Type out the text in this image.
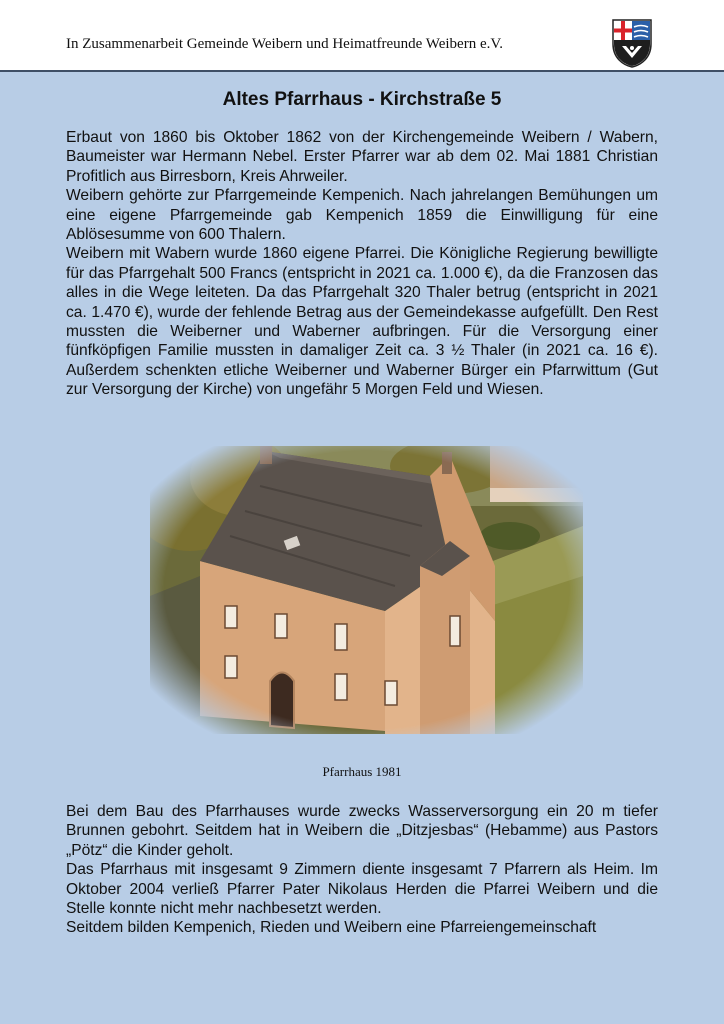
In Zusammenarbeit Gemeinde Weibern und Heimatfreunde Weibern e.V.
Altes Pfarrhaus - Kirchstraße 5

Erbaut von 1860 bis Oktober 1862 von der Kirchengemeinde Weibern / Wabern, Baumeister war Hermann Nebel. Erster Pfarrer war ab dem 02. Mai 1881 Christian Profitlich aus Birresborn, Kreis Ahrweiler.

Weibern gehörte zur Pfarrgemeinde Kempenich. Nach jahrelangen Bemühungen um eine eigene Pfarrgemeinde gab Kempenich 1859 die Einwilligung für eine Ablösesumme von 600 Thalern.

Weibern mit Wabern wurde 1860 eigene Pfarrei. Die Königliche Regierung bewilligte für das Pfarrgehalt 500 Francs (entspricht in 2021 ca. 1.000 €), da die Franzosen das alles in die Wege leiteten. Da das Pfarrgehalt 320 Thaler betrug (entspricht in 2021 ca. 1.470 €), wurde der fehlende Betrag aus der Gemeindekasse aufgefüllt. Den Rest mussten die Weiberner und Waberner aufbringen. Für die Versorgung einer fünfköpfigen Familie mussten in damaliger Zeit ca. 3 ½ Thaler (in 2021 ca. 16 €). Außerdem schenkten etliche Weiberner und Waberner Bürger ein Pfarrwittum (Gut zur Versorgung der Kirche) von ungefähr 5 Morgen Feld und Wiesen.

Pfarrhaus 1981

Bei dem Bau des Pfarrhauses wurde zwecks Wasserversorgung ein 20 m tiefer Brunnen gebohrt. Seitdem hat in Weibern die „Ditzjesbas“ (Hebamme) aus Pastors „Pötz“ die Kinder geholt.

Das Pfarrhaus mit insgesamt 9 Zimmern diente insgesamt 7 Pfarrern als Heim. Im Oktober 2004 verließ Pfarrer Pater Nikolaus Herden die Pfarrei Weibern und die Stelle konnte nicht mehr nachbesetzt werden.

Seitdem bilden Kempenich, Rieden und Weibern eine Pfarreiengemeinschaft
